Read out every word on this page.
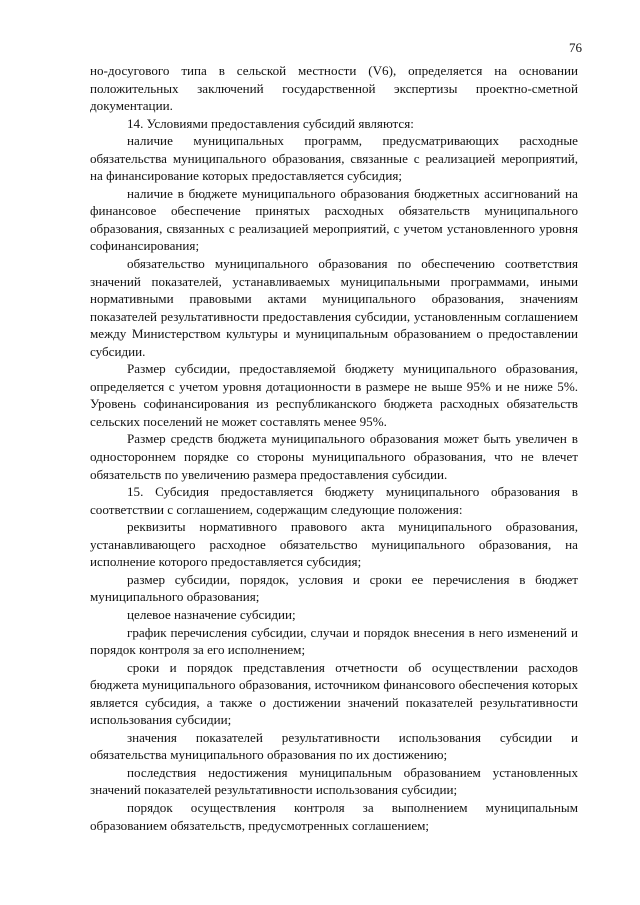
76

но-досугового типа в сельской местности (V6), определяется на основании положительных заключений государственной экспертизы проектно-сметной документации.

14. Условиями предоставления субсидий являются:

наличие муниципальных программ, предусматривающих расходные обязательства муниципального образования, связанные с реализацией мероприятий, на финансирование которых предоставляется субсидия;

наличие в бюджете муниципального образования бюджетных ассигнований на финансовое обеспечение принятых расходных обязательств муниципального образования, связанных с реализацией мероприятий, с учетом установленного уровня софинансирования;

обязательство муниципального образования по обеспечению соответствия значений показателей, устанавливаемых муниципальными программами, иными нормативными правовыми актами муниципального образования, значениям показателей результативности предоставления субсидии, установленным соглашением между Министерством культуры и муниципальным образованием о предоставлении субсидии.

Размер субсидии, предоставляемой бюджету муниципального образования, определяется с учетом уровня дотационности в размере не выше 95% и не ниже 5%. Уровень софинансирования из республиканского бюджета расходных обязательств сельских поселений не может составлять менее 95%.

Размер средств бюджета муниципального образования может быть увеличен в одностороннем порядке со стороны муниципального образования, что не влечет обязательств по увеличению размера предоставления субсидии.

15. Субсидия предоставляется бюджету муниципального образования в соответствии с соглашением, содержащим следующие положения:

реквизиты нормативного правового акта муниципального образования, устанавливающего расходное обязательство муниципального образования, на исполнение которого предоставляется субсидия;

размер субсидии, порядок, условия и сроки ее перечисления в бюджет муниципального образования;

целевое назначение субсидии;

график перечисления субсидии, случаи и порядок внесения в него изменений и порядок контроля за его исполнением;

сроки и порядок представления отчетности об осуществлении расходов бюджета муниципального образования, источником финансового обеспечения которых является субсидия, а также о достижении значений показателей результативности использования субсидии;

значения показателей результативности использования субсидии и обязательства муниципального образования по их достижению;

последствия недостижения муниципальным образованием установленных значений показателей результативности использования субсидии;

порядок осуществления контроля за выполнением муниципальным образованием обязательств, предусмотренных соглашением;
